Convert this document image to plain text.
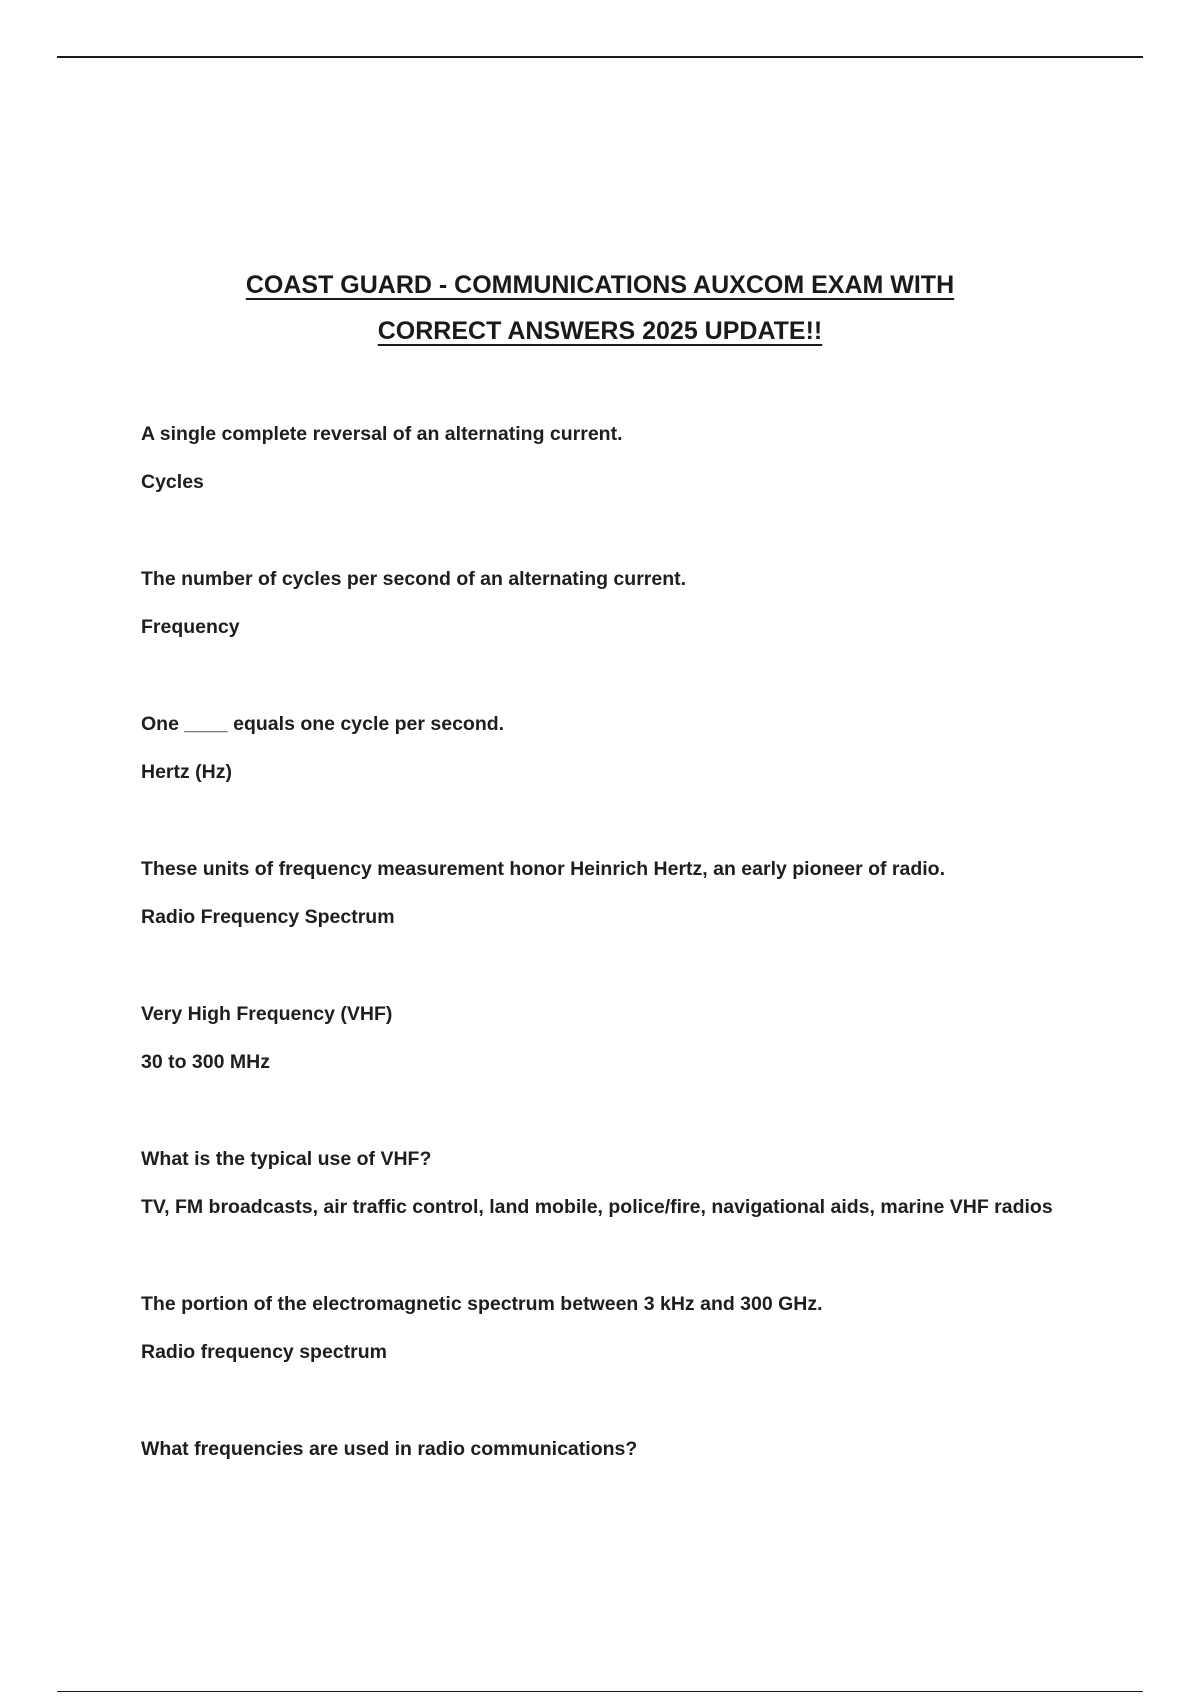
COAST GUARD - COMMUNICATIONS AUXCOM EXAM WITH
CORRECT ANSWERS 2025 UPDATE!!

A single complete reversal of an alternating current.

Cycles

The number of cycles per second of an alternating current.

Frequency

One ____ equals one cycle per second.

Hertz (Hz)

These units of frequency measurement honor Heinrich Hertz, an early pioneer of radio.

Radio Frequency Spectrum

Very High Frequency (VHF)

30 to 300 MHz

What is the typical use of VHF?

TV, FM broadcasts, air traffic control, land mobile, police/fire, navigational aids, marine VHF radios

The portion of the electromagnetic spectrum between 3 kHz and 300 GHz.

Radio frequency spectrum

What frequencies are used in radio communications?
